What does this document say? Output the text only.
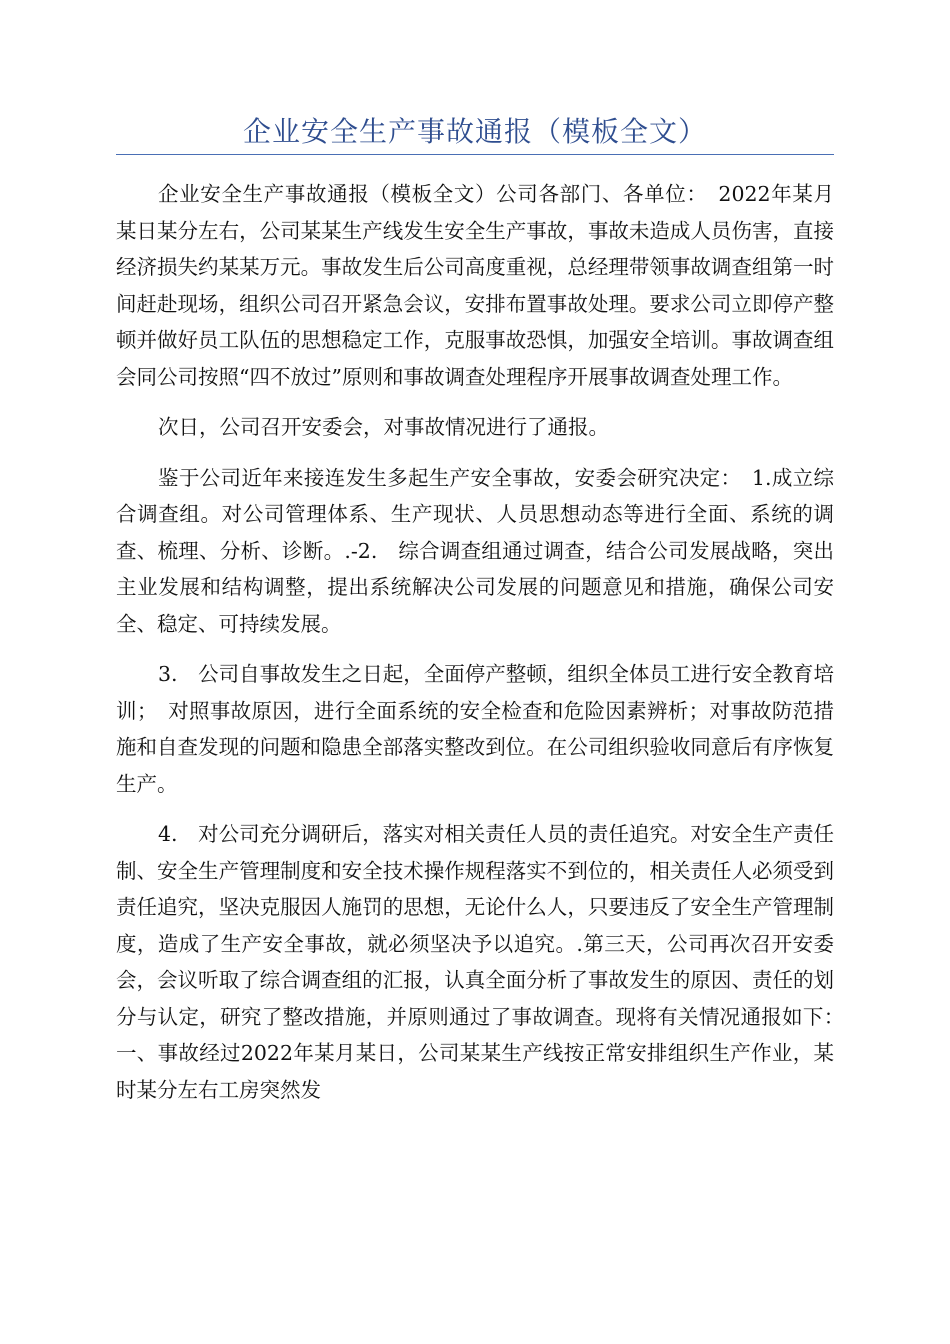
企业安全生产事故通报（模板全文）

企业安全生产事故通报（模板全文）公司各部门、各单位：　2022年某月某日某分左右，公司某某生产线发生安全生产事故，事故未造成人员伤害，直接经济损失约某某万元。事故发生后公司高度重视，总经理带领事故调查组第一时间赶赴现场，组织公司召开紧急会议，安排布置事故处理。要求公司立即停产整顿并做好员工队伍的思想稳定工作，克服事故恐惧，加强安全培训。事故调查组会同公司按照“四不放过”原则和事故调查处理程序开展事故调查处理工作。

次日，公司召开安委会，对事故情况进行了通报。

鉴于公司近年来接连发生多起生产安全事故，安委会研究决定：　1.成立综合调查组。对公司管理体系、生产现状、人员思想动态等进行全面、系统的调查、梳理、分析、诊断。.-2.　综合调查组通过调查，结合公司发展战略，突出主业发展和结构调整，提出系统解决公司发展的问题意见和措施，确保公司安全、稳定、可持续发展。

3.　公司自事故发生之日起，全面停产整顿，组织全体员工进行安全教育培训；　对照事故原因，进行全面系统的安全检查和危险因素辨析；对事故防范措施和自查发现的问题和隐患全部落实整改到位。在公司组织验收同意后有序恢复生产。

4.　对公司充分调研后，落实对相关责任人员的责任追究。对安全生产责任制、安全生产管理制度和安全技术操作规程落实不到位的，相关责任人必须受到责任追究，坚决克服因人施罚的思想，无论什么人，只要违反了安全生产管理制度，造成了生产安全事故，就必须坚决予以追究。.第三天，公司再次召开安委会，会议听取了综合调查组的汇报，认真全面分析了事故发生的原因、责任的划分与认定，研究了整改措施，并原则通过了事故调查。现将有关情况通报如下：　一、事故经过2022年某月某日，公司某某生产线按正常安排组织生产作业，某时某分左右工房突然发
